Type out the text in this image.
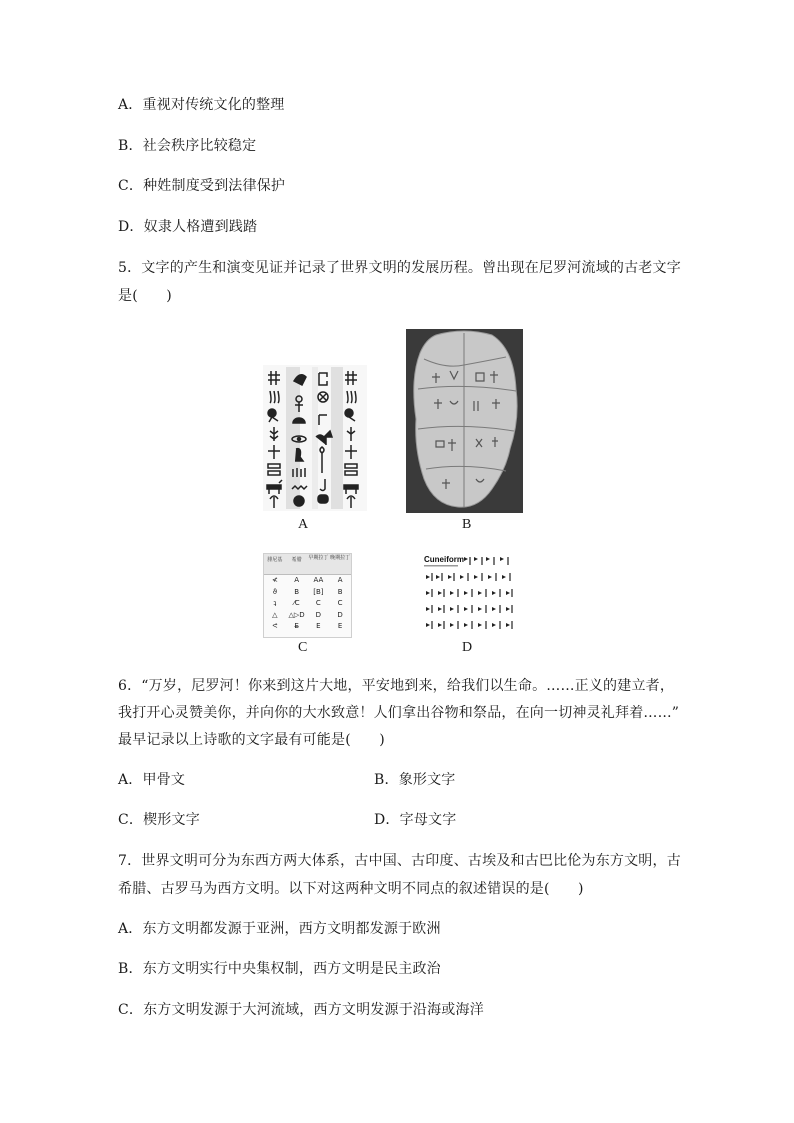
A．重视对传统文化的整理
B．社会秩序比较稳定
C．种姓制度受到法律保护
D．奴隶人格遭到践踏
5．文字的产生和演变见证并记录了世界文明的发展历程。曾出现在尼罗河流域的古老文字
是(　　)
A	B
腓尼基	希腊	早期拉丁 晚期拉丁
≮	A	AA	A
ϑ	B	[B]	B
ʇ	⁄C	C	C
△	△▷D	D	D
ᕙ	E̶	E	E
C
Cuneiform
D
6．“万岁，尼罗河！你来到这片大地，平安地到来，给我们以生命。……正义的建立者，
我打开心灵赞美你，并向你的大水致意！人们拿出谷物和祭品，在向一切神灵礼拜着……”
最早记录以上诗歌的文字最有可能是(　　)
A．甲骨文	B．象形文字
C．楔形文字	D．字母文字
7．世界文明可分为东西方两大体系，古中国、古印度、古埃及和古巴比伦为东方文明，古
希腊、古罗马为西方文明。以下对这两种文明不同点的叙述错误的是(　　)
A．东方文明都发源于亚洲，西方文明都发源于欧洲
B．东方文明实行中央集权制，西方文明是民主政治
C．东方文明发源于大河流域，西方文明发源于沿海或海洋
